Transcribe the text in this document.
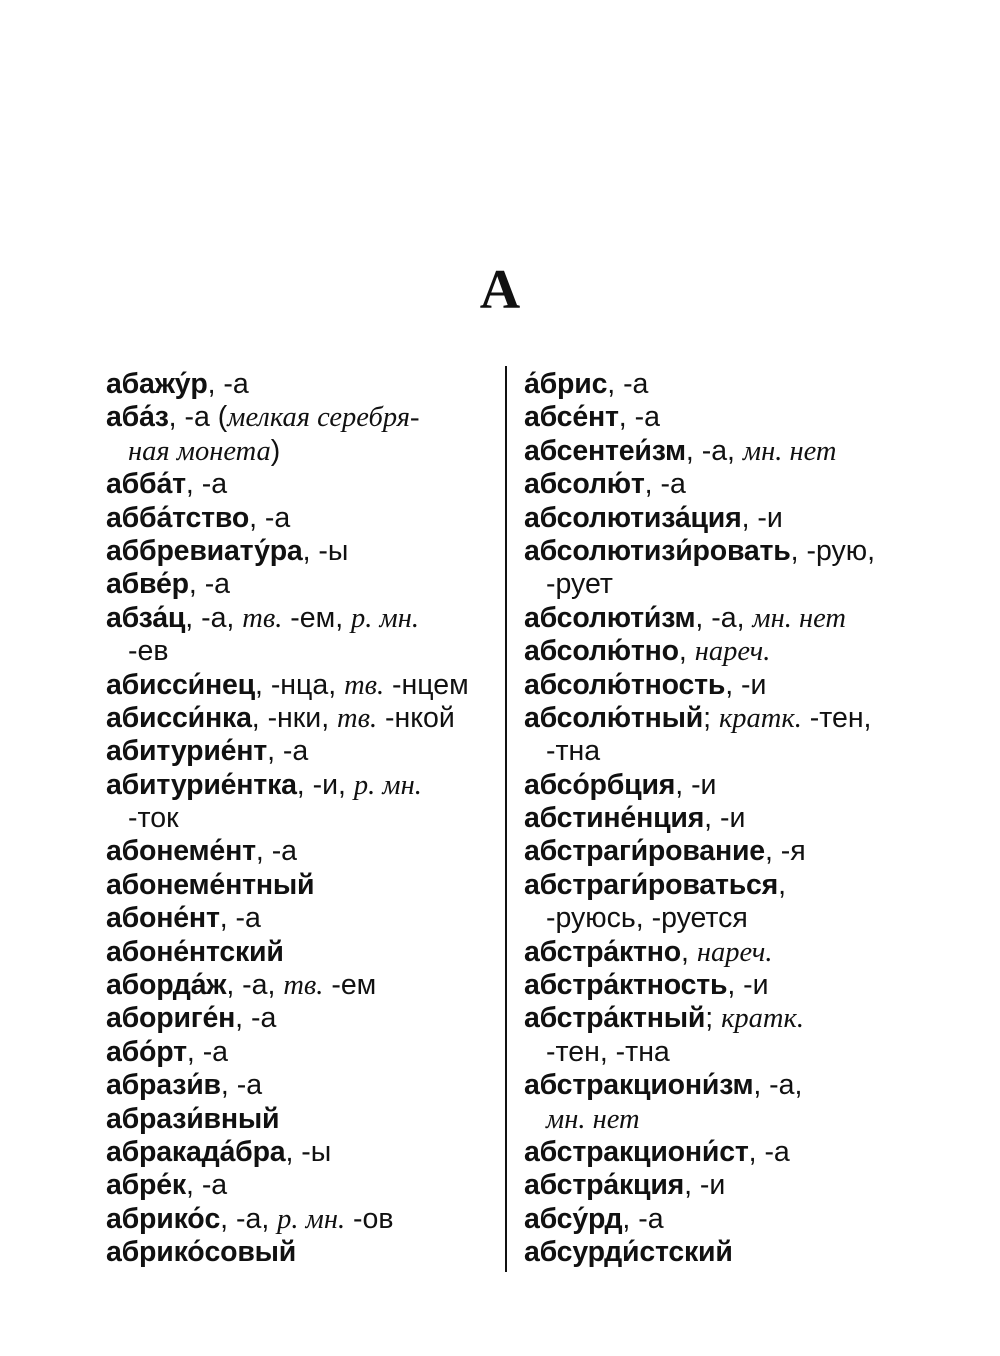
А
абажу́р, -а
аба́з, -а (мелкая серебря-
ная монета)
абба́т, -а
абба́тство, -а
аббревиату́ра, -ы
абве́р, -а
абза́ц, -а, тв. -ем, р. мн.
-ев
абисси́нец, -нца, тв. -нцем
абисси́нка, -нки, тв. -нкой
абитурие́нт, -а
абитурие́нтка, -и, р. мн.
-ток
абонеме́нт, -а
абонеме́нтный
абоне́нт, -а
абоне́нтский
aборда́ж, -а, тв. -ем
абориге́н, -а
або́рт, -а
абрази́в, -а
абрази́вный
абракада́бра, -ы
абре́к, -а
абрико́с, -а, р. мн. -ов
абрико́совый
а́брис, -а
абсе́нт, -а
абсентеи́зм, -а, мн. нет
абсолю́т, -а
абсолютиза́ция, -и
абсолютизи́ровать, -рую,
-рует
абсолюти́зм, -а, мн. нет
абсолю́тно, нареч.
абсолю́тность, -и
абсолю́тный; кратк. -тен,
-тна
абсо́рбция, -и
абстине́нция, -и
абстраги́рование, -я
абстраги́роваться,
-руюсь, -руется
абстра́ктно, нареч.
абстра́ктность, -и
абстра́ктный; кратк.
-тен, -тна
абстракциони́зм, -а,
мн. нет
абстракциони́ст, -а
абстра́кция, -и
абсу́рд, -а
абсурди́стский
